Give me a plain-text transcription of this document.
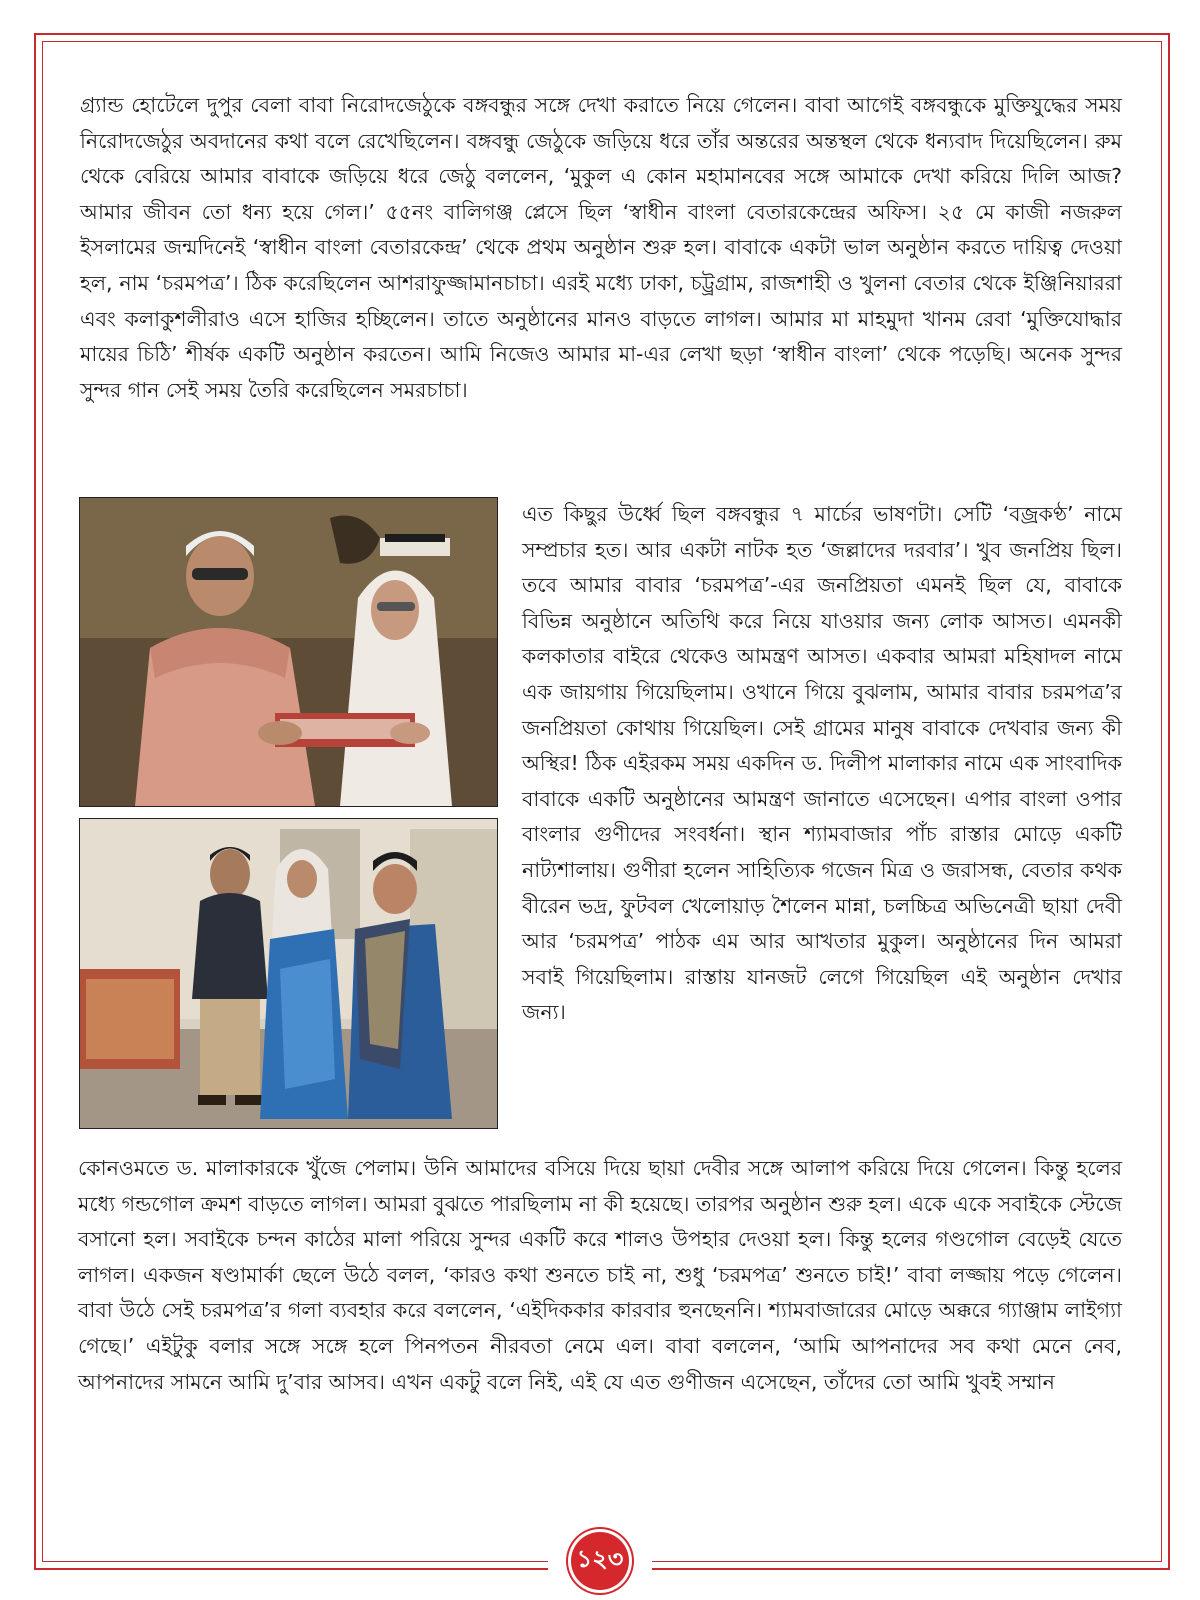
গ্র্যান্ড হোটেলে দুপুর বেলা বাবা নিরোদজেঠুকে বঙ্গবন্ধুর সঙ্গে দেখা করাতে নিয়ে গেলেন। বাবা আগেই বঙ্গবন্ধুকে মুক্তিযুদ্ধের সময় নিরোদজেঠুর অবদানের কথা বলে রেখেছিলেন। বঙ্গবন্ধু জেঠুকে জড়িয়ে ধরে তাঁর অন্তরের অন্তস্থল থেকে ধন্যবাদ দিয়েছিলেন। রুম থেকে বেরিয়ে আমার বাবাকে জড়িয়ে ধরে জেঠু বললেন, ‘মুকুল এ কোন মহামানবের সঙ্গে আমাকে দেখা করিয়ে দিলি আজ? আমার জীবন তো ধন্য হয়ে গেল।’ ৫৫নং বালিগঞ্জ প্লেসে ছিল ‘স্বাধীন বাংলা বেতারকেন্দ্রের অফিস। ২৫ মে কাজী নজরুল ইসলামের জন্মদিনেই ‘স্বাধীন বাংলা বেতারকেন্দ্র’ থেকে প্রথম অনুষ্ঠান শুরু হল। বাবাকে একটা ভাল অনুষ্ঠান করতে দায়িত্ব দেওয়া হল, নাম ‘চরমপত্র’। ঠিক করেছিলেন আশরাফুজ্জামানচাচা। এরই মধ্যে ঢাকা, চট্ট্রগ্রাম, রাজশাহী ও খুলনা বেতার থেকে ইঞ্জিনিয়াররা এবং কলাকুশলীরাও এসে হাজির হচ্ছিলেন। তাতে অনুষ্ঠানের মানও বাড়তে লাগল। আমার মা মাহমুদা খানম রেবা ‘মুক্তিযোদ্ধার মায়ের চিঠি’ শীর্ষক একটি অনুষ্ঠান করতেন। আমি নিজেও আমার মা-এর লেখা ছড়া ‘স্বাধীন বাংলা’ থেকে পড়েছি। অনেক সুন্দর সুন্দর গান সেই সময় তৈরি করেছিলেন সমরচাচা।

এত কিছুর উর্ধ্বে ছিল বঙ্গবন্ধুর ৭ মার্চের ভাষণটা। সেটি ‘বজ্রকণ্ঠ’ নামে সম্প্রচার হত। আর একটা নাটক হত ‘জল্লাদের দরবার’। খুব জনপ্রিয় ছিল। তবে আমার বাবার ‘চরমপত্র’-এর জনপ্রিয়তা এমনই ছিল যে, বাবাকে বিভিন্ন অনুষ্ঠানে অতিথি করে নিয়ে যাওয়ার জন্য লোক আসত। এমনকী কলকাতার বাইরে থেকেও আমন্ত্রণ আসত। একবার আমরা মহিষাদল নামে এক জায়গায় গিয়েছিলাম। ওখানে গিয়ে বুঝলাম, আমার বাবার চরমপত্র’র জনপ্রিয়তা কোথায় গিয়েছিল। সেই গ্রামের মানুষ বাবাকে দেখবার জন্য কী অস্থির! ঠিক এইরকম সময় একদিন ড. দিলীপ মালাকার নামে এক সাংবাদিক বাবাকে একটি অনুষ্ঠানের আমন্ত্রণ জানাতে এসেছেন। এপার বাংলা ওপার বাংলার গুণীদের সংবর্ধনা। স্থান শ্যামবাজার পাঁচ রাস্তার মোড়ে একটি নাট্যশালায়। গুণীরা হলেন সাহিত্যিক গজেন মিত্র ও জরাসন্ধ, বেতার কথক বীরেন ভদ্র, ফুটবল খেলোয়াড় শৈলেন মান্না, চলচ্চিত্র অভিনেত্রী ছায়া দেবী আর ‘চরমপত্র’ পাঠক এম আর আখতার মুকুল। অনুষ্ঠানের দিন আমরা সবাই গিয়েছিলাম। রাস্তায় যানজট লেগে গিয়েছিল এই অনুষ্ঠান দেখার জন্য।

কোনওমতে ড. মালাকারকে খুঁজে পেলাম। উনি আমাদের বসিয়ে দিয়ে ছায়া দেবীর সঙ্গে আলাপ করিয়ে দিয়ে গেলেন। কিন্তু হলের মধ্যে গন্ডগোল ক্রমশ বাড়তে লাগল। আমরা বুঝতে পারছিলাম না কী হয়েছে। তারপর অনুষ্ঠান শুরু হল। একে একে সবাইকে স্টেজে বসানো হল। সবাইকে চন্দন কাঠের মালা পরিয়ে সুন্দর একটি করে শালও উপহার দেওয়া হল। কিন্তু হলের গণ্ডগোল বেড়েই যেতে লাগল। একজন ষণ্ডামার্কা ছেলে উঠে বলল, ‘কারও কথা শুনতে চাই না, শুধু ‘চরমপত্র’ শুনতে চাই!’ বাবা লজ্জায় পড়ে গেলেন। বাবা উঠে সেই চরমপত্র’র গলা ব্যবহার করে বললেন, ‘এইদিককার কারবার হুনছেননি। শ্যামবাজারের মোড়ে অক্করে গ্যাঞ্জাম লাইগ্যা গেছে।’ এইটুকু বলার সঙ্গে সঙ্গে হলে পিনপতন নীরবতা নেমে এল। বাবা বললেন, ‘আমি আপনাদের সব কথা মেনে নেব, আপনাদের সামনে আমি দু’বার আসব। এখন একটু বলে নিই, এই যে এত গুণীজন এসেছেন, তাঁদের তো আমি খুবই সম্মান

১২৩
